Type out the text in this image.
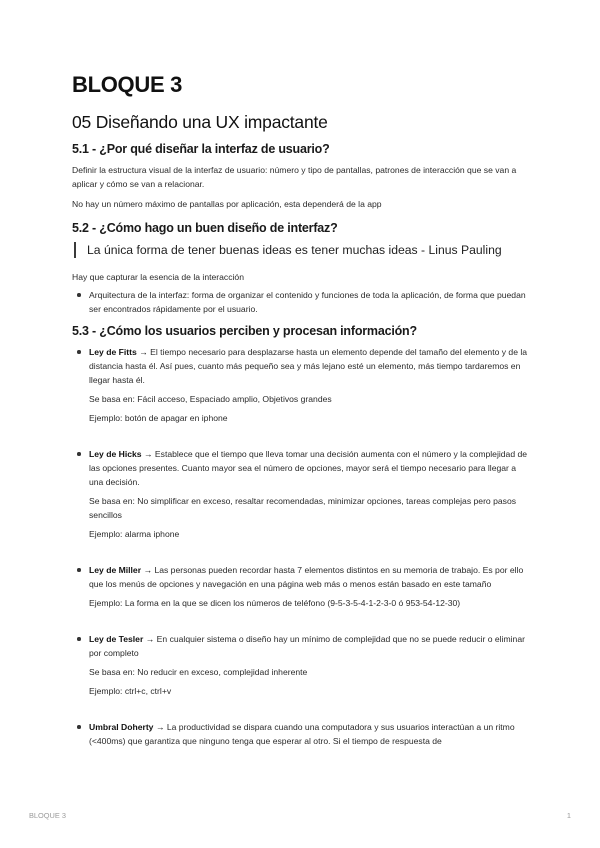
BLOQUE 3
05 Diseñando una UX impactante
5.1 - ¿Por qué diseñar la interfaz de usuario?

Definir la estructura visual de la interfaz de usuario: número y tipo de pantallas, patrones de interacción que se van a aplicar y cómo se van a relacionar.

No hay un número máximo de pantallas por aplicación, esta dependerá de la app

5.2 - ¿Cómo hago un buen diseño de interfaz?
La única forma de tener buenas ideas es tener muchas ideas - Linus Pauling

Hay que capturar la esencia de la interacción

Arquitectura de la interfaz: forma de organizar el contenido y funciones de toda la aplicación, de forma que puedan ser encontrados rápidamente por el usuario.

5.3 - ¿Cómo los usuarios perciben y procesan información?

Ley de Fitts → El tiempo necesario para desplazarse hasta un elemento depende del tamaño del elemento y de la distancia hasta él. Así pues, cuanto más pequeño sea y más lejano esté un elemento, más tiempo tardaremos en llegar hasta él.

Se basa en: Fácil acceso, Espaciado amplio, Objetivos grandes

Ejemplo: botón de apagar en iphone

Ley de Hicks → Establece que el tiempo que lleva tomar una decisión aumenta con el número y la complejidad de las opciones presentes. Cuanto mayor sea el número de opciones, mayor será el tiempo necesario para llegar a una decisión.

Se basa en: No simplificar en exceso, resaltar recomendadas, minimizar opciones, tareas complejas pero pasos sencillos

Ejemplo: alarma iphone

Ley de Miller → Las personas pueden recordar hasta 7 elementos distintos en su memoria de trabajo. Es por ello que los menús de opciones y navegación en una página web más o menos están basado en este tamaño

Ejemplo: La forma en la que se dicen los números de teléfono (9-5-3-5-4-1-2-3-0 ó 953-54-12-30)

Ley de Tesler → En cualquier sistema o diseño hay un mínimo de complejidad que no se puede reducir o eliminar por completo

Se basa en: No reducir en exceso, complejidad inherente

Ejemplo: ctrl+c, ctrl+v

Umbral Doherty → La productividad se dispara cuando una computadora y sus usuarios interactúan a un ritmo (<400ms) que garantiza que ninguno tenga que esperar al otro. Si el tiempo de respuesta de

BLOQUE 3	1
